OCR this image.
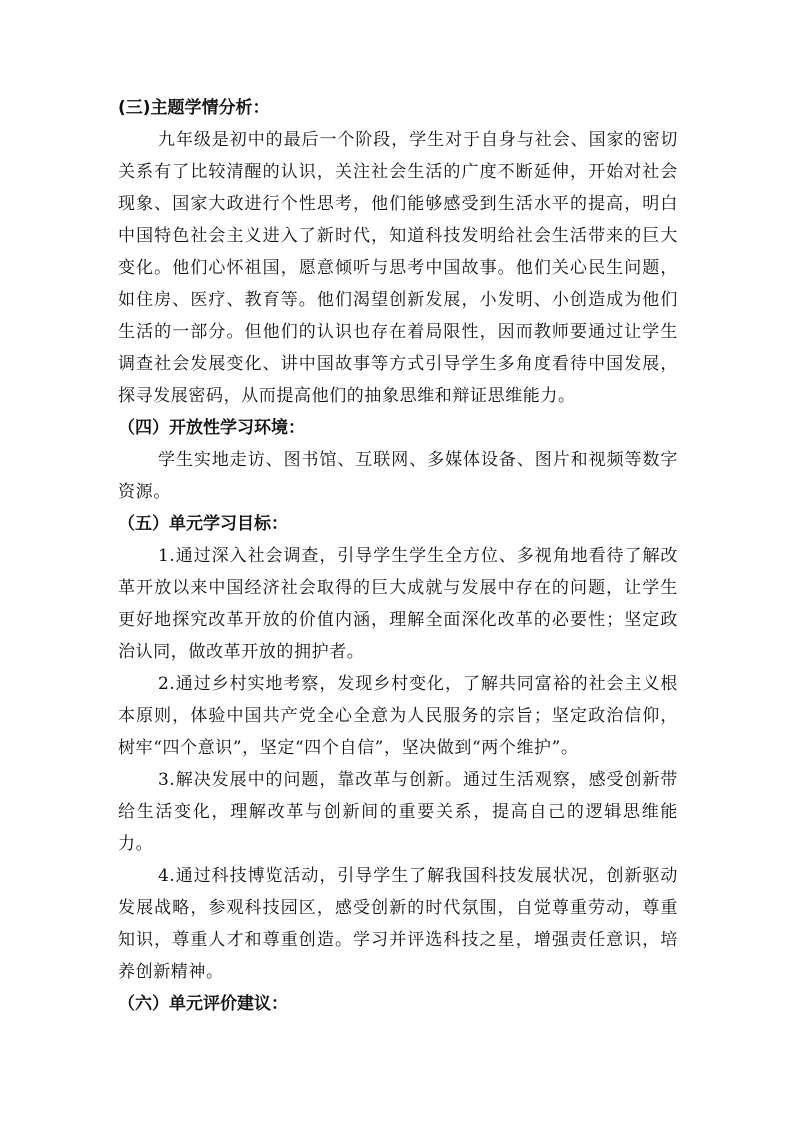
(三)主题学情分析：

九年级是初中的最后一个阶段，学生对于自身与社会、国家的密切关系有了比较清醒的认识，关注社会生活的广度不断延伸，开始对社会现象、国家大政进行个性思考，他们能够感受到生活水平的提高，明白中国特色社会主义进入了新时代，知道科技发明给社会生活带来的巨大变化。他们心怀祖国，愿意倾听与思考中国故事。他们关心民生问题，如住房、医疗、教育等。他们渴望创新发展，小发明、小创造成为他们生活的一部分。但他们的认识也存在着局限性，因而教师要通过让学生调查社会发展变化、讲中国故事等方式引导学生多角度看待中国发展，探寻发展密码，从而提高他们的抽象思维和辩证思维能力。

（四）开放性学习环境：

学生实地走访、图书馆、互联网、多媒体设备、图片和视频等数字资源。

（五）单元学习目标：

1.通过深入社会调查，引导学生学生全方位、多视角地看待了解改革开放以来中国经济社会取得的巨大成就与发展中存在的问题，让学生更好地探究改革开放的价值内涵，理解全面深化改革的必要性；坚定政治认同，做改革开放的拥护者。

2.通过乡村实地考察，发现乡村变化，了解共同富裕的社会主义根本原则，体验中国共产党全心全意为人民服务的宗旨；坚定政治信仰，树牢“四个意识”，坚定“四个自信”，坚决做到“两个维护”。

3.解决发展中的问题，靠改革与创新。通过生活观察，感受创新带给生活变化，理解改革与创新间的重要关系，提高自己的逻辑思维能力。

4.通过科技博览活动，引导学生了解我国科技发展状况，创新驱动发展战略，参观科技园区，感受创新的时代氛围，自觉尊重劳动，尊重知识，尊重人才和尊重创造。学习并评选科技之星，增强责任意识，培养创新精神。

（六）单元评价建议：
